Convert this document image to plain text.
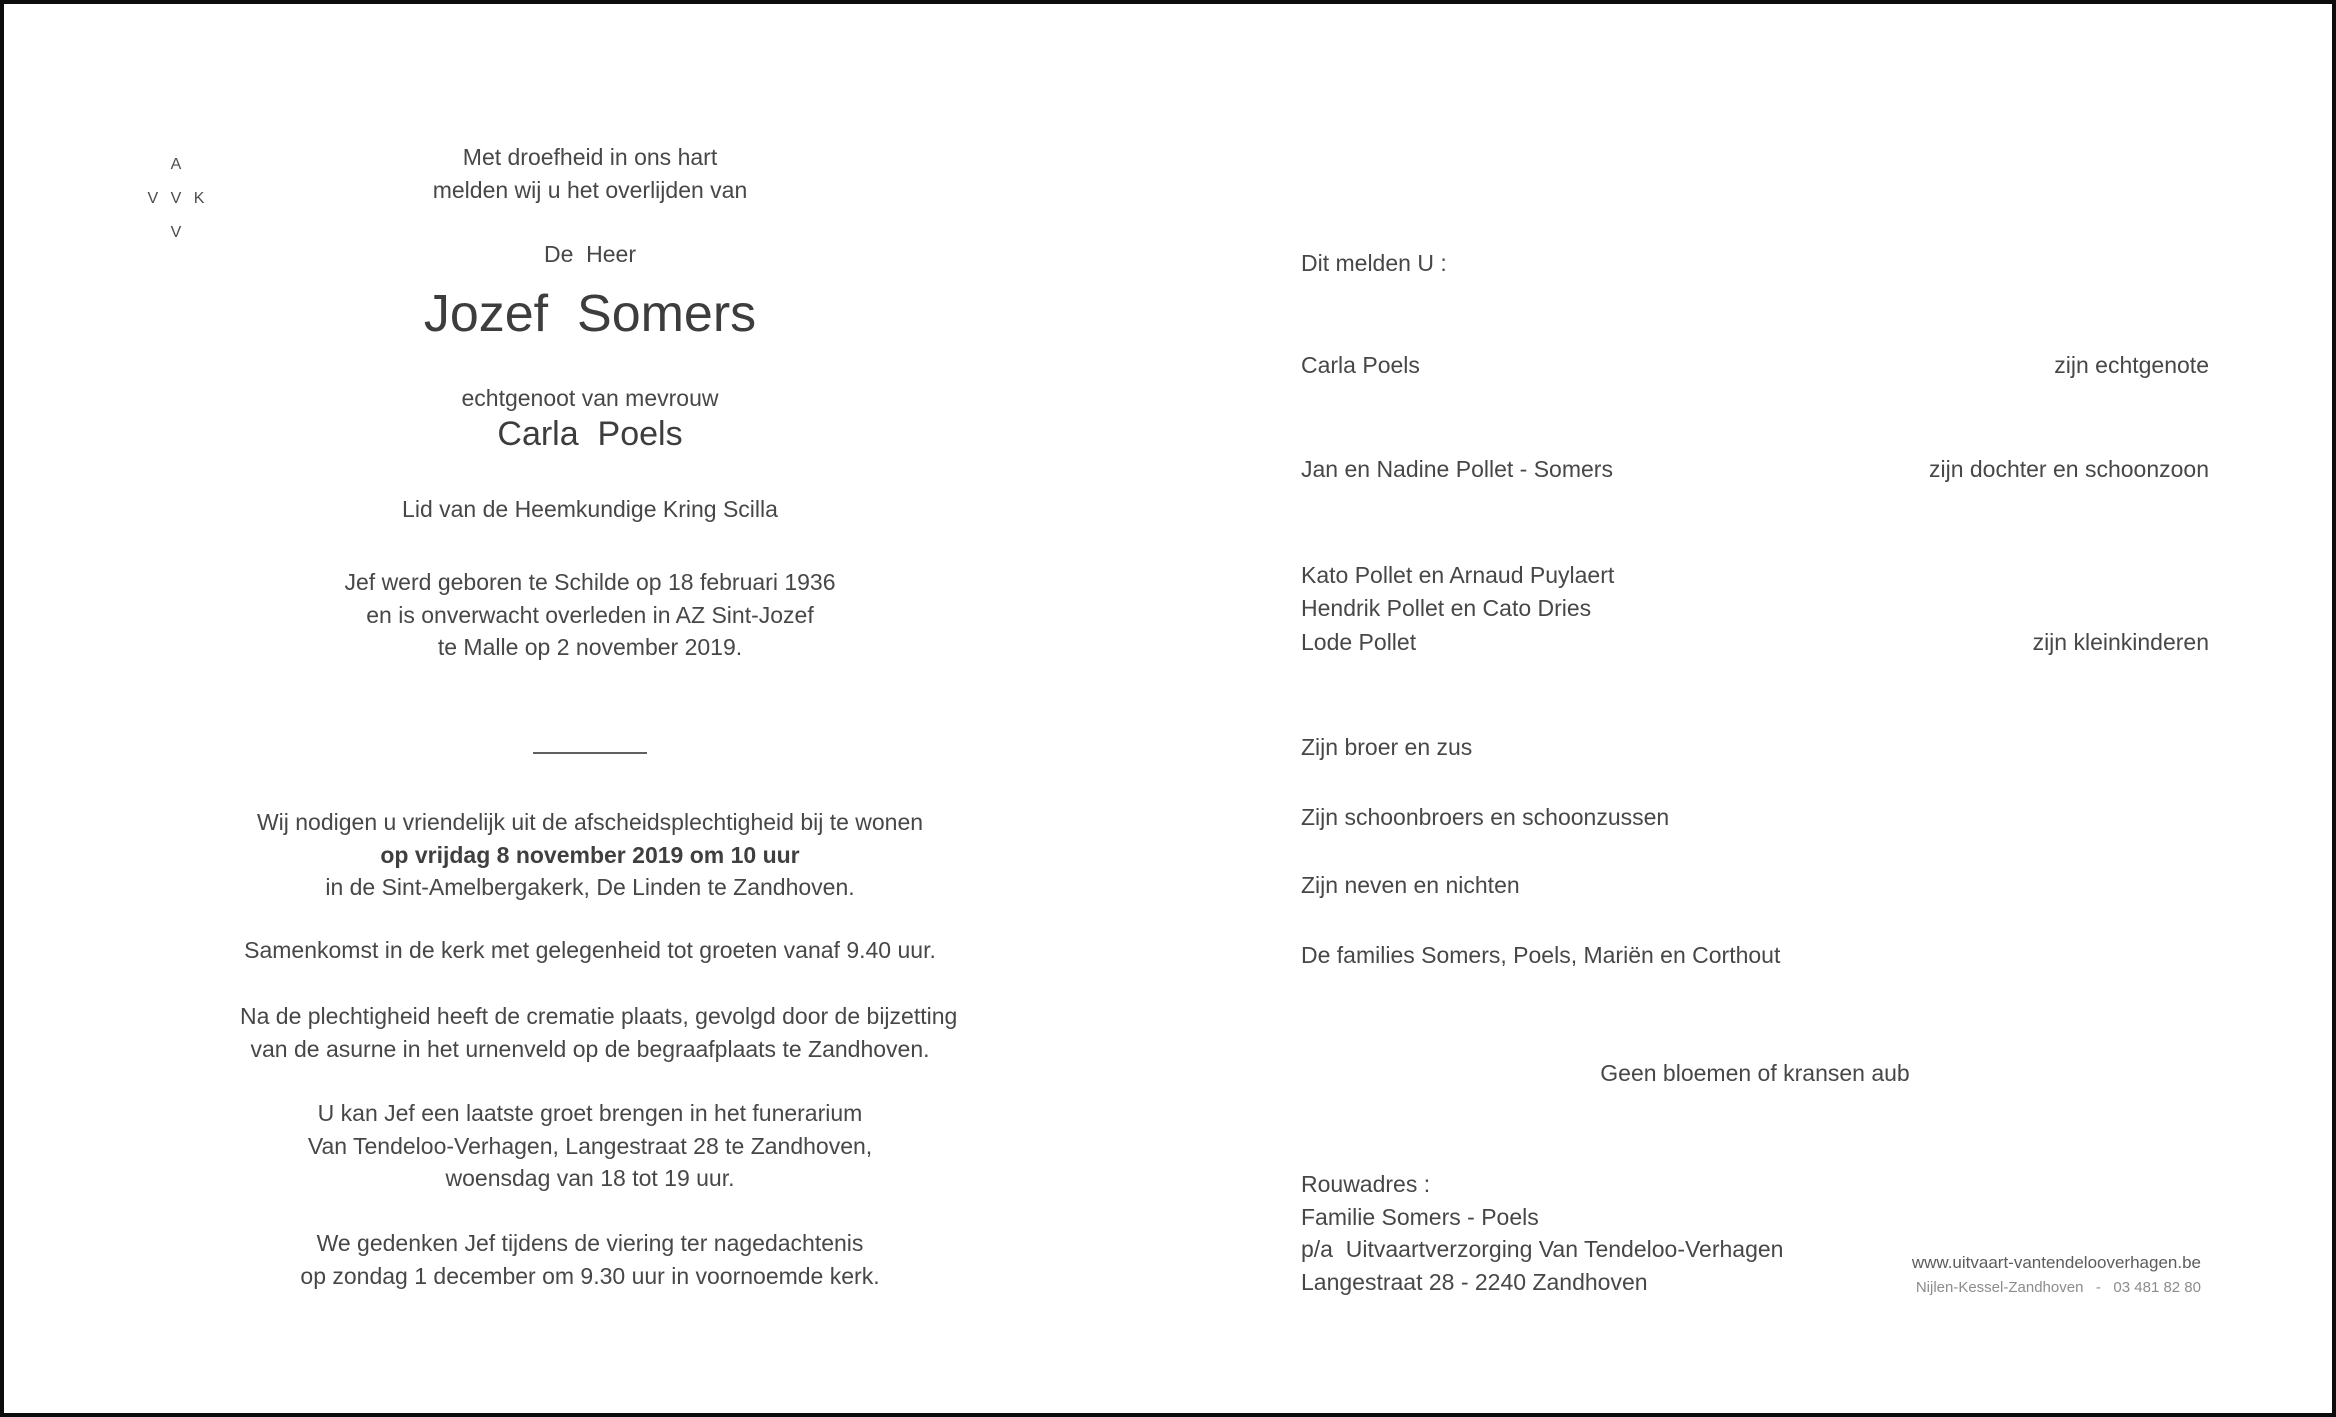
A
V V K
V
Met droefheid in ons hart
melden wij u het overlijden van
De  Heer
Jozef  Somers
echtgenoot van mevrouw
Carla  Poels
Lid van de Heemkundige Kring Scilla
Jef werd geboren te Schilde op 18 februari 1936
en is onverwacht overleden in AZ Sint-Jozef
te Malle op 2 november 2019.
Wij nodigen u vriendelijk uit de afscheidsplechtigheid bij te wonen
op vrijdag 8 november 2019 om 10 uur
in de Sint-Amelbergakerk, De Linden te Zandhoven.
Samenkomst in de kerk met gelegenheid tot groeten vanaf 9.40 uur.
Na de plechtigheid heeft de crematie plaats, gevolgd door de bijzetting
van de asurne in het urnenveld op de begraafplaats te Zandhoven.
U kan Jef een laatste groet brengen in het funerarium
Van Tendeloo-Verhagen, Langestraat 28 te Zandhoven,
woensdag van 18 tot 19 uur.
We gedenken Jef tijdens de viering ter nagedachtenis
op zondag 1 december om 9.30 uur in voornoemde kerk.
Dit melden U :
Carla Poels	zijn echtgenote
Jan en Nadine Pollet - Somers	zijn dochter en schoonzoon
Kato Pollet en Arnaud Puylaert
Hendrik Pollet en Cato Dries
Lode Pollet	zijn kleinkinderen
Zijn broer en zus
Zijn schoonbroers en schoonzussen
Zijn neven en nichten
De families Somers, Poels, Mariën en Corthout
Geen bloemen of kransen aub
Rouwadres :
Familie Somers - Poels
p/a  Uitvaartverzorging Van Tendeloo-Verhagen
Langestraat 28 - 2240 Zandhoven
www.uitvaart-vantendelooverhagen.be
Nijlen-Kessel-Zandhoven   -   03 481 82 80
